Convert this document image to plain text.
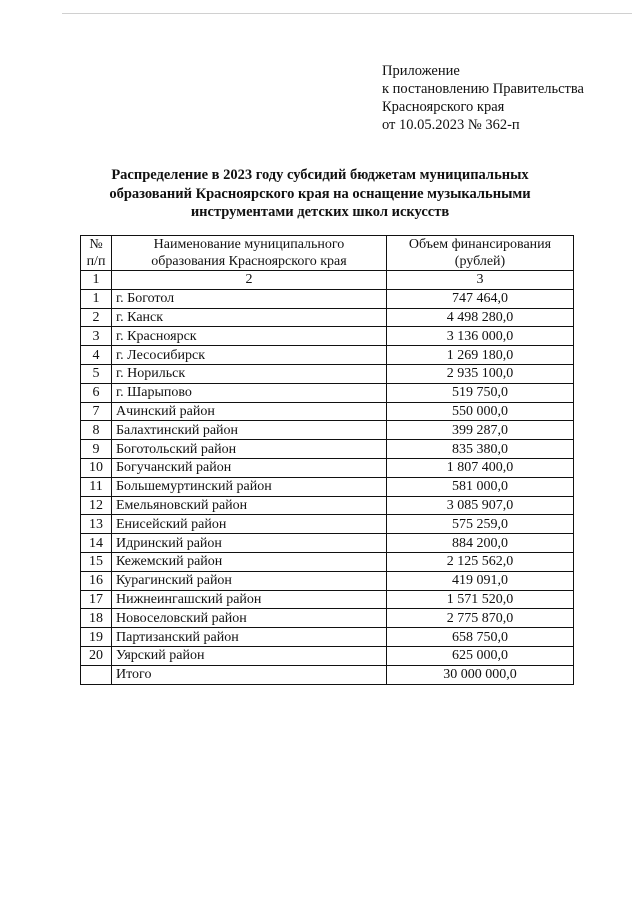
Приложение
к постановлению Правительства
Красноярского края
от 10.05.2023 № 362-п
Распределение в 2023 году субсидий бюджетам муниципальных
образований Красноярского края на оснащение музыкальными
инструментами детских школ искусств
№ п/п	Наименование муниципального образования Красноярского края	Объем финансирования (рублей)
1	2	3
1	г. Боготол	747 464,0
2	г. Канск	4 498 280,0
3	г. Красноярск	3 136 000,0
4	г. Лесосибирск	1 269 180,0
5	г. Норильск	2 935 100,0
6	г. Шарыпово	519 750,0
7	Ачинский район	550 000,0
8	Балахтинский район	399 287,0
9	Боготольский район	835 380,0
10	Богучанский район	1 807 400,0
11	Большемуртинский район	581 000,0
12	Емельяновский район	3 085 907,0
13	Енисейский район	575 259,0
14	Идринский район	884 200,0
15	Кежемский район	2 125 562,0
16	Курагинский район	419 091,0
17	Нижнеингашский район	1 571 520,0
18	Новоселовский район	2 775 870,0
19	Партизанский район	658 750,0
20	Уярский район	625 000,0
	Итого	30 000 000,0
